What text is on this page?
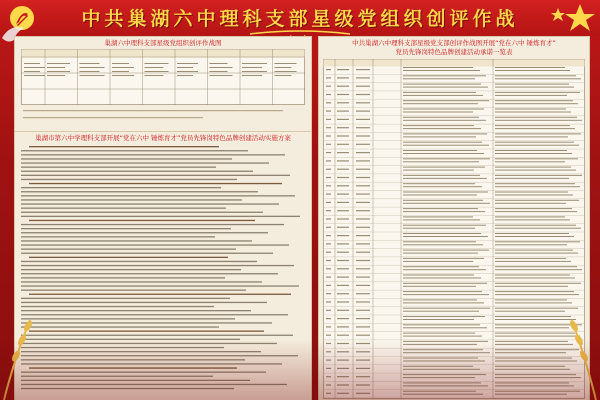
中共巢湖六中理科支部星级党组织创评作战
巢湖六中理科支部星级党组织创评作战图
巢湖市第六中学理科支部开展“党在六中 锤炼育才”党员先锋岗特色品牌创建活动实施方案
中共巢湖六中理科支部星级党支部创评作战图开展“党在六中 锤炼育才”
党员先锋岗特色品牌创建活动承诺一览表
